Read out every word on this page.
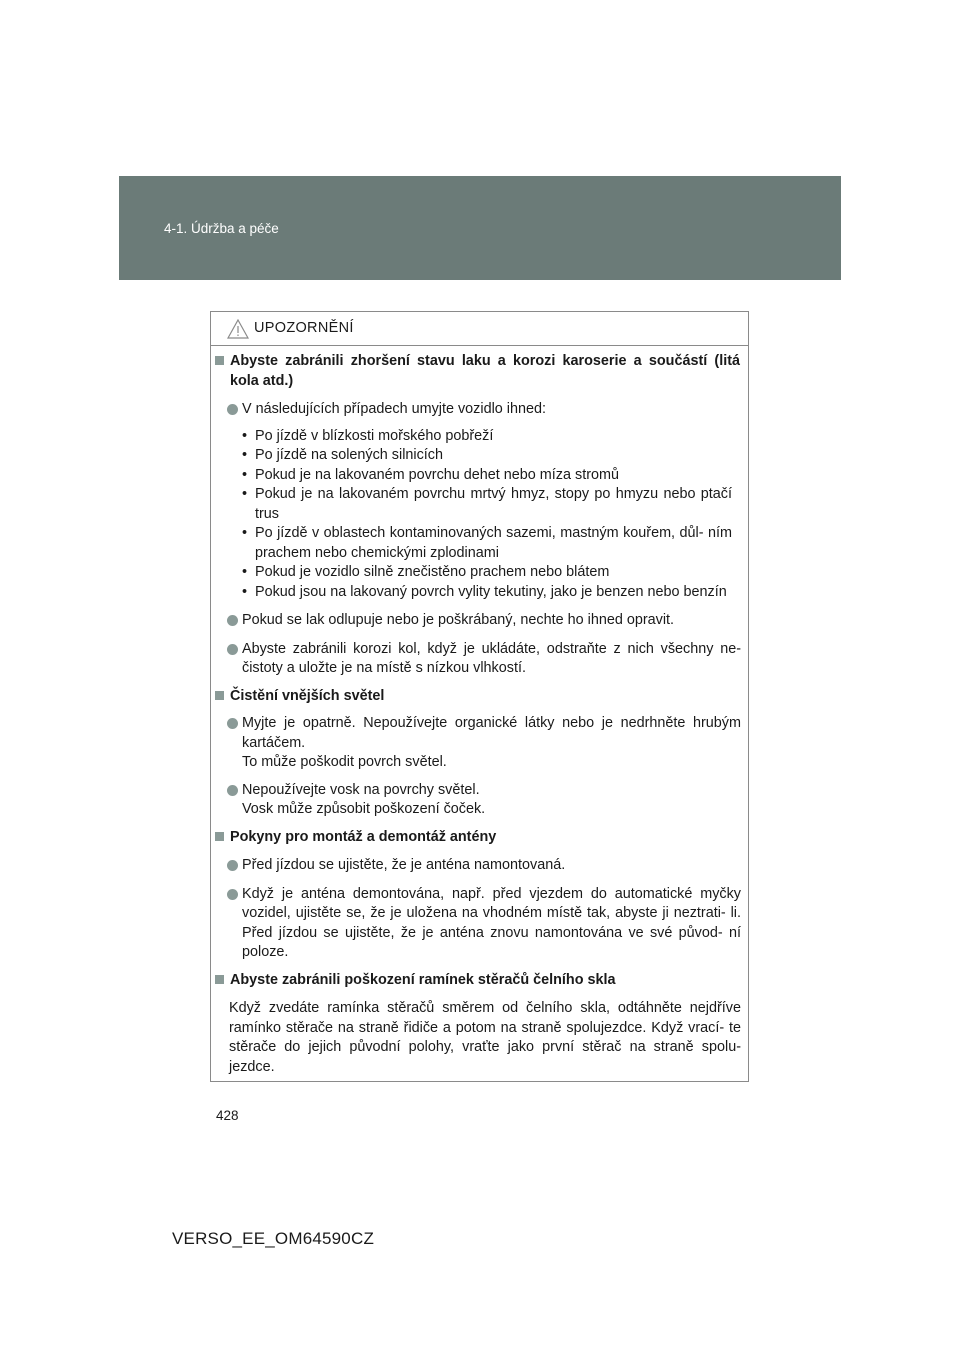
4-1. Údržba a péče
UPOZORNĚNÍ
Abyste zabránili zhoršení stavu laku a korozi karoserie a součástí (litá kola atd.)
V následujících případech umyjte vozidlo ihned:
• Po jízdě v blízkosti mořského pobřeží
• Po jízdě na solených silnicích
• Pokud je na lakovaném povrchu dehet nebo míza stromů
• Pokud je na lakovaném povrchu mrtvý hmyz, stopy po hmyzu nebo ptačí trus
• Po jízdě v oblastech kontaminovaných sazemi, mastným kouřem, důl- ním prachem nebo chemickými zplodinami
• Pokud je vozidlo silně znečistěno prachem nebo blátem
• Pokud jsou na lakovaný povrch vylity tekutiny, jako je benzen nebo benzín
Pokud se lak odlupuje nebo je poškrábaný, nechte ho ihned opravit.
Abyste zabránili korozi kol, když je ukládáte, odstraňte z nich všechny ne- čistoty a uložte je na místě s nízkou vlhkostí.
Čistění vnějších světel
Myjte je opatrně. Nepoužívejte organické látky nebo je nedrhněte hrubým kartáčem.
To může poškodit povrch světel.
Nepoužívejte vosk na povrchy světel.
Vosk může způsobit poškození čoček.
Pokyny pro montáž a demontáž antény
Před jízdou se ujistěte, že je anténa namontovaná.
Když je anténa demontována, např. před vjezdem do automatické myčky vozidel, ujistěte se, že je uložena na vhodném místě tak, abyste ji neztrati- li. Před jízdou se ujistěte, že je anténa znovu namontována ve své původ- ní poloze.
Abyste zabránili poškození ramínek stěračů čelního skla
Když zvedáte ramínka stěračů směrem od čelního skla, odtáhněte nejdříve ramínko stěrače na straně řidiče a potom na straně spolujezdce. Když vrací- te stěrače do jejich původní polohy, vraťte jako první stěrač na straně spolu- jezdce.
428
VERSO_EE_OM64590CZ
